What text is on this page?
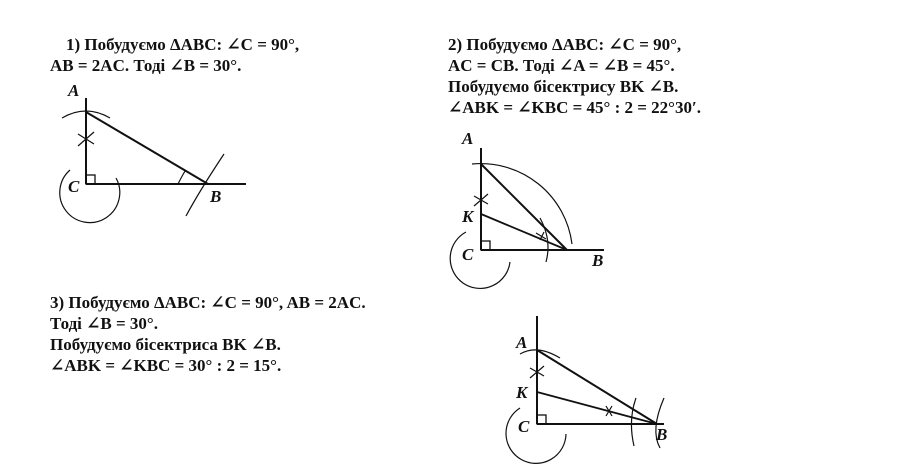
1) Побудуємо ΔABC: ∠C = 90°,
AB = 2AC. Тоді ∠B = 30°.
2) Побудуємо ΔABC: ∠C = 90°,
AC = CB. Тоді ∠A = ∠B = 45°.
Побудуємо бісектрису BK ∠B.
∠ABK = ∠KBC = 45° : 2 = 22°30′.
3) Побудуємо ΔABC: ∠C = 90°, AB = 2AC.
Тоді ∠B = 30°.
Побудуємо бісектриса BK ∠B.
∠ABK = ∠KBC = 30° : 2 = 15°.
A
C
B
A
K
C	B
A
K
C	B
